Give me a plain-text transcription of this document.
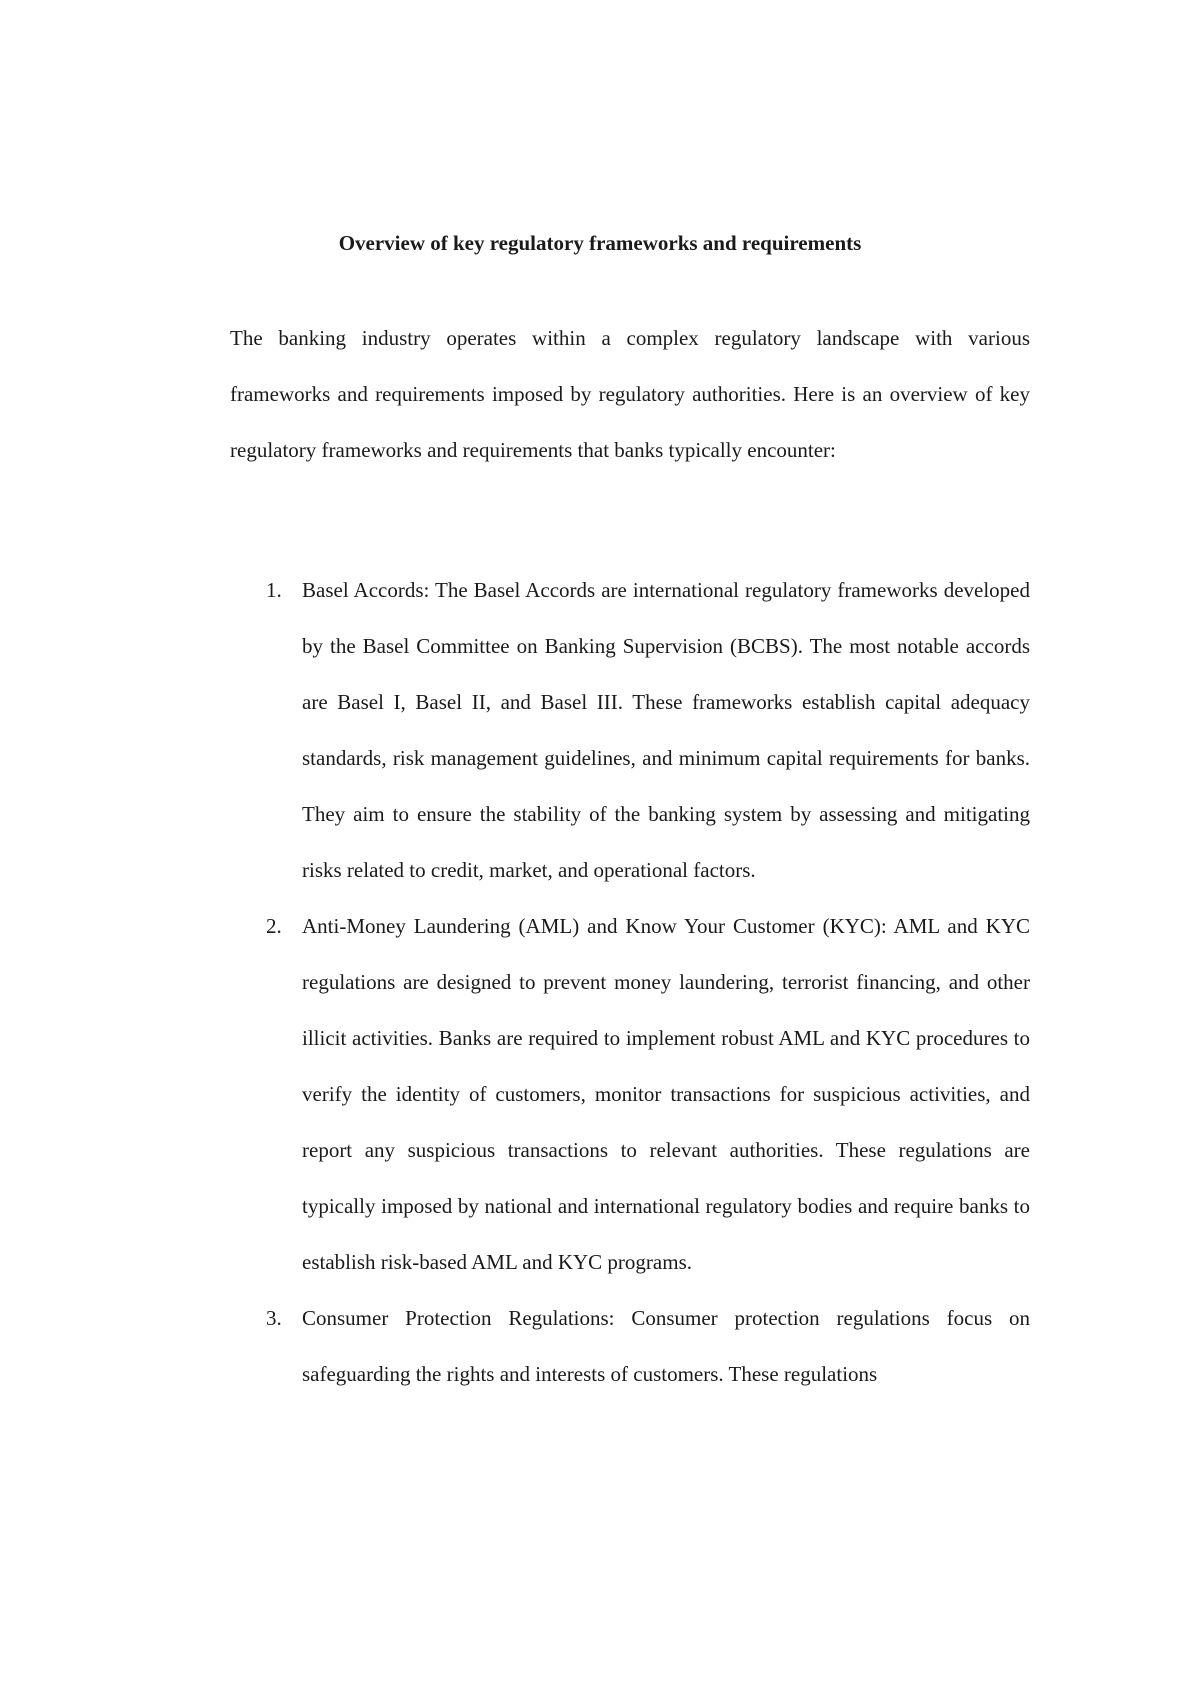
Overview of key regulatory frameworks and requirements

The banking industry operates within a complex regulatory landscape with various frameworks and requirements imposed by regulatory authorities. Here is an overview of key regulatory frameworks and requirements that banks typically encounter:

1. Basel Accords: The Basel Accords are international regulatory frameworks developed by the Basel Committee on Banking Supervision (BCBS). The most notable accords are Basel I, Basel II, and Basel III. These frameworks establish capital adequacy standards, risk management guidelines, and minimum capital requirements for banks. They aim to ensure the stability of the banking system by assessing and mitigating risks related to credit, market, and operational factors.
2. Anti-Money Laundering (AML) and Know Your Customer (KYC): AML and KYC regulations are designed to prevent money laundering, terrorist financing, and other illicit activities. Banks are required to implement robust AML and KYC procedures to verify the identity of customers, monitor transactions for suspicious activities, and report any suspicious transactions to relevant authorities. These regulations are typically imposed by national and international regulatory bodies and require banks to establish risk-based AML and KYC programs.
3. Consumer Protection Regulations: Consumer protection regulations focus on safeguarding the rights and interests of customers. These regulations
